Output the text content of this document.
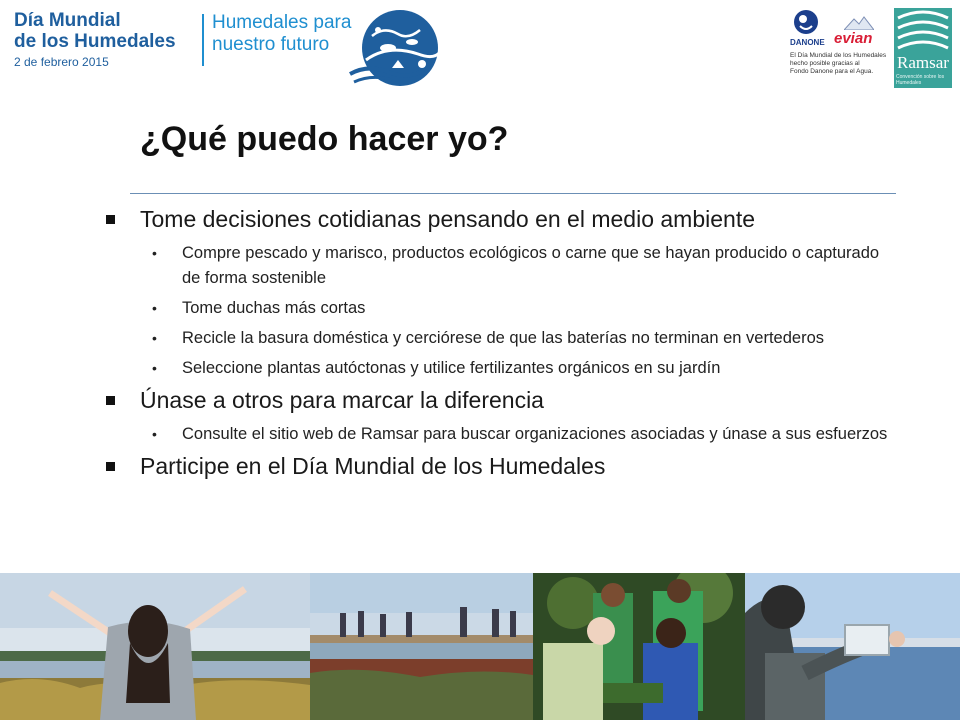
Día Mundial
de los Humedales
2 de febrero 2015
Humedales para
nuestro futuro	DANONE evian
El Día Mundial de los Humedales
hecho posible gracias al
Fondo Danone para el Agua.	Ramsar
Convención sobre los Humedales
¿Qué puedo hacer yo?
Tome decisiones cotidianas pensando en el medio ambiente
• Compre pescado y marisco, productos ecológicos o carne que se hayan producido o capturado de forma sostenible
• Tome duchas más cortas
• Recicle la basura doméstica y cerciórese de que las baterías no terminan en vertederos
• Seleccione plantas autóctonas y utilice fertilizantes orgánicos en su jardín
Únase a otros para marcar la diferencia
• Consulte el sitio web de Ramsar para buscar organizaciones asociadas y únase a sus esfuerzos
Participe en el Día Mundial de los Humedales
